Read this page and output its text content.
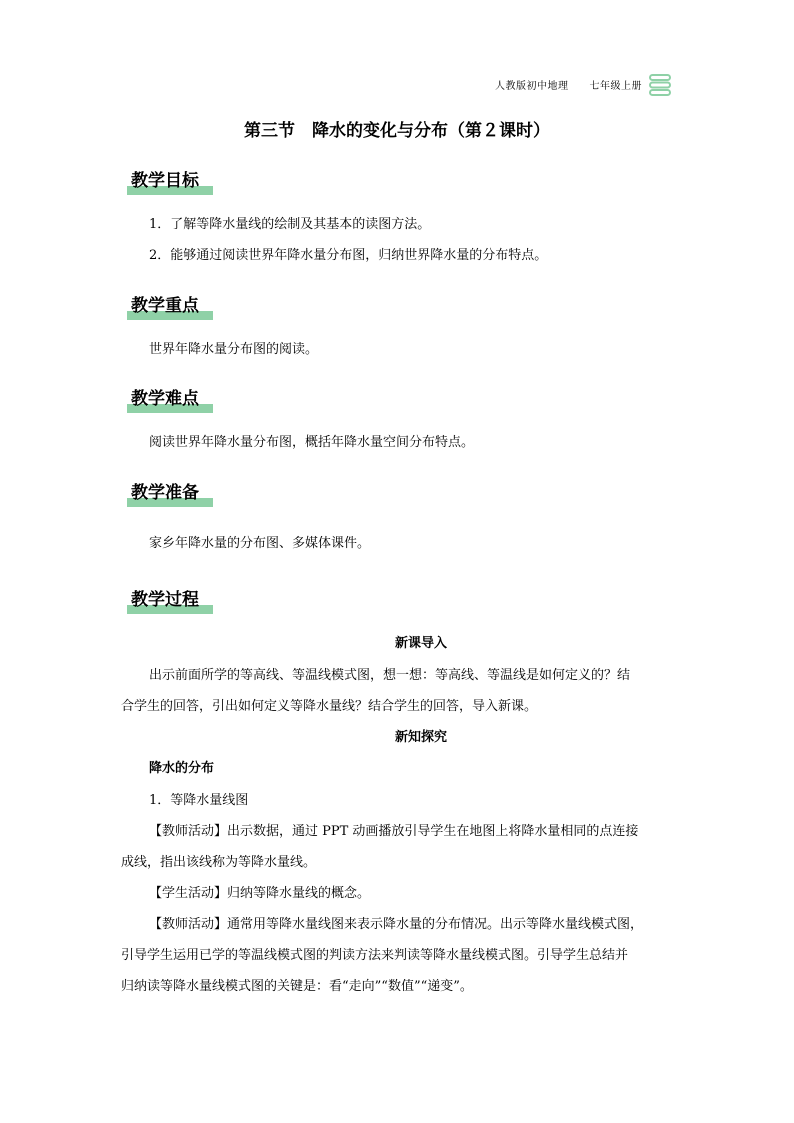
人教版初中地理　　七年级上册
第三节　降水的变化与分布（第２课时）
教学目标
1．了解等降水量线的绘制及其基本的读图方法。
2．能够通过阅读世界年降水量分布图，归纳世界降水量的分布特点。
教学重点
世界年降水量分布图的阅读。
教学难点
阅读世界年降水量分布图，概括年降水量空间分布特点。
教学准备
家乡年降水量的分布图、多媒体课件。
教学过程
新课导入
出示前面所学的等高线、等温线模式图，想一想：等高线、等温线是如何定义的？结
合学生的回答，引出如何定义等降水量线？结合学生的回答，导入新课。
新知探究
降水的分布
1．等降水量线图
【教师活动】出示数据，通过 PPT 动画播放引导学生在地图上将降水量相同的点连接
成线，指出该线称为等降水量线。
【学生活动】归纳等降水量线的概念。
【教师活动】通常用等降水量线图来表示降水量的分布情况。出示等降水量线模式图，
引导学生运用已学的等温线模式图的判读方法来判读等降水量线模式图。引导学生总结并
归纳读等降水量线模式图的关键是：看“走向”“数值”“递变”。
